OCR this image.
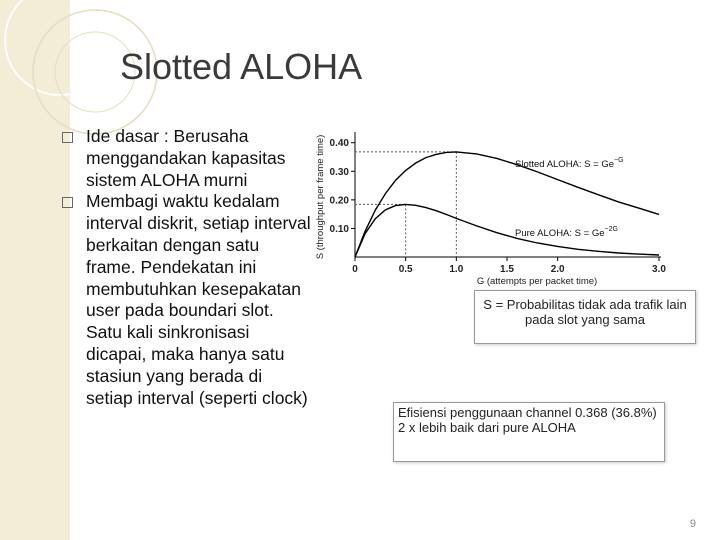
Slotted ALOHA
Ide dasar : Berusaha menggandakan kapasitas sistem ALOHA murni
Membagi waktu kedalam interval diskrit, setiap interval berkaitan dengan satu frame. Pendekatan ini membutuhkan kesepakatan user pada boundari slot. Satu kali sinkronisasi dicapai, maka hanya satu stasiun yang berada di setiap interval (seperti clock)
0.10
0.20
0.30
0.40
0	0.5	1.0	1.5	2.0	3.0
G (attempts per packet time)
S (throughput per frame time)	Slotted ALOHA: $S = Ge^{-G}$
Pure ALOHA: $S = Ge^{-2G}$
S = Probabilitas tidak ada trafik lain pada slot yang sama
Efisiensi penggunaan channel 0.368 (36.8%)
2 x lebih baik dari pure ALOHA
9
